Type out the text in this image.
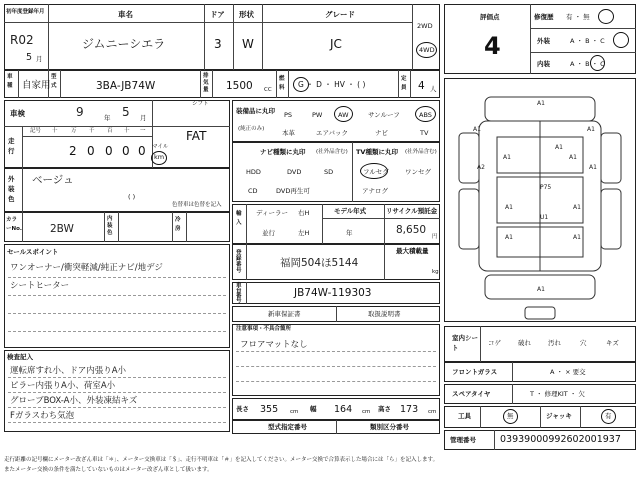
初年度登録年月
R02
5 月
車名
ジムニーシエラ
ドア
3
形状
W
グレード
JC
2WD
4WD
車種 自家用
型式	3BA-JB74W
排気量 1500 CC
燃料 G ・ D ・ HV ・ ( )
定員 4 人
車検	9	年 5 月
シフト
FAT
走行
記号 十 万 千 百 十 一
2 0 0 0 0 マイル
km
外装色
ベージュ
( )
色替車は色替を記入
カラーNo.	2BW
内装色
冷房
セールスポイント
ワンオーナー/衝突軽減/純正ナビ/地デジ
シートヒーター
検査記入
運転席すれ小、ドア内張りA小
ピラー内張りA小、荷室A小
グローブBOX-A小、外装凍結キズ
Fガラスわち気泡
装備品に丸印
(純正のみ)
PS	PW AW	サンルーフ	ABS
本革	エアバック	ナビ	TV
ナビ種類に丸印 (社外品含む)
HDD	DVD	SD
CD	DVD再生可
TV種類に丸印 (社外品含む)
フルセグ	ワンセグ
アナログ
輸入
ディーラー 右H
並行	左H
モデル年式
年
リサイクル預託金
8,650
円
登録番号
福岡504ほ5144
最大積載量
kg
車台番号
JB74W-119303
新車保証書	取扱説明書
注意事項・不具合箇所
フロアマットなし
長さ 355 cm 幅 164 cm 高さ 173 cm
型式指定番号	類別区分番号
評価点
4
修復歴 有 ・ 無
外装	A ・ B ・ C
内装	A ・ B ・ C
A1
A1	A1
A1	A1
A1
A2	A1
P75
U1
A1	A1
A1	A1
A1
室内シート
コゲ	破れ	汚れ	穴	キズ
フロントガラス	A ・ × 要交
スペアタイヤ	T ・ 修理KIT ・ 欠
工具	無	ジャッキ	有
管理番号	03939000992602001937
走行距離の記号欄にメーター改ざん車は「＊」、メーター交換車は「＄」、走行不明車は「＃」を記入してください。メーター交換で合算表示した場合には「ら」を記入します。
またメーター交換の条件を満たしていないものはメーター改ざん車として扱います。
